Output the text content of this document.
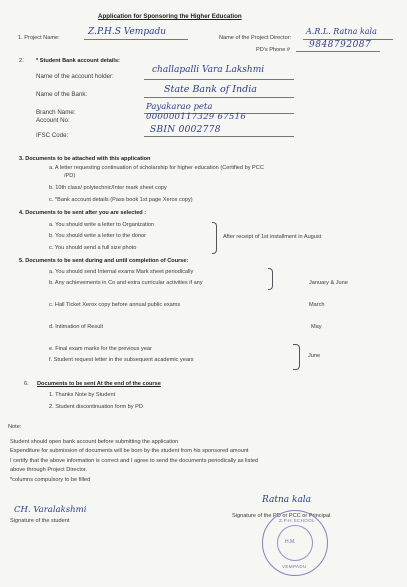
Application for Sponsoring the Higher Education
1. Project Name:
Z.P.H.S Vempadu
Name of the Project Director:
A.R.L. Ratna kala
PD's Phone # 9848792087
2. * Student Bank account details:
Name of the account holder:
challapalli Vara Lakshmi
Name of the Bank:	State Bank of India
Branch Name:
Payakarao peta
Account No:	000000117329 67516
IFSC Code:
SBIN 0002778
3. Documents to be attached with this application
a. A letter requesting continuation of scholarship for higher education (Certified by PCC
/PD)
b. 10th class/ polytechnic/Inter mark sheet copy
c. *Bank account details (Pass book 1st page Xerox copy)
4. Documents to be sent after you are selected :
a. You should write a letter to Organization
b. You should write a letter to the donor
c. You should send a full size photo
After receipt of 1st installment in August
5. Documents to be sent during and until completion of Course:
a. You should send Internal exams Mark sheet periodically
b. Any achievements in Co and extra curricular activities if any	January & June
c. Hall Ticket Xerox copy before annual public exams	March
d. Intimation of Result	May
e. Final exam marks for the previous year
f. Student request letter in the subsequent academic years
June
6. Documents to be sent At the end of the course
1. Thanks Note by Student
2. Student discontinuation form by PD
Note:
Student should open bank account before submitting the application
Expenditure for submission of documents will be born by the student from his sponsored amount
I certify that the above information is correct and I agree to send the documents periodically as listed
above through Project Director.
*columns compulsory to be filled
CH. Varalakshmi
Signature of the student
Ratna kala
Signature of the PD or PCC or Principal
Z.P.H.SCHOOL
H.M.
VEMPADU
